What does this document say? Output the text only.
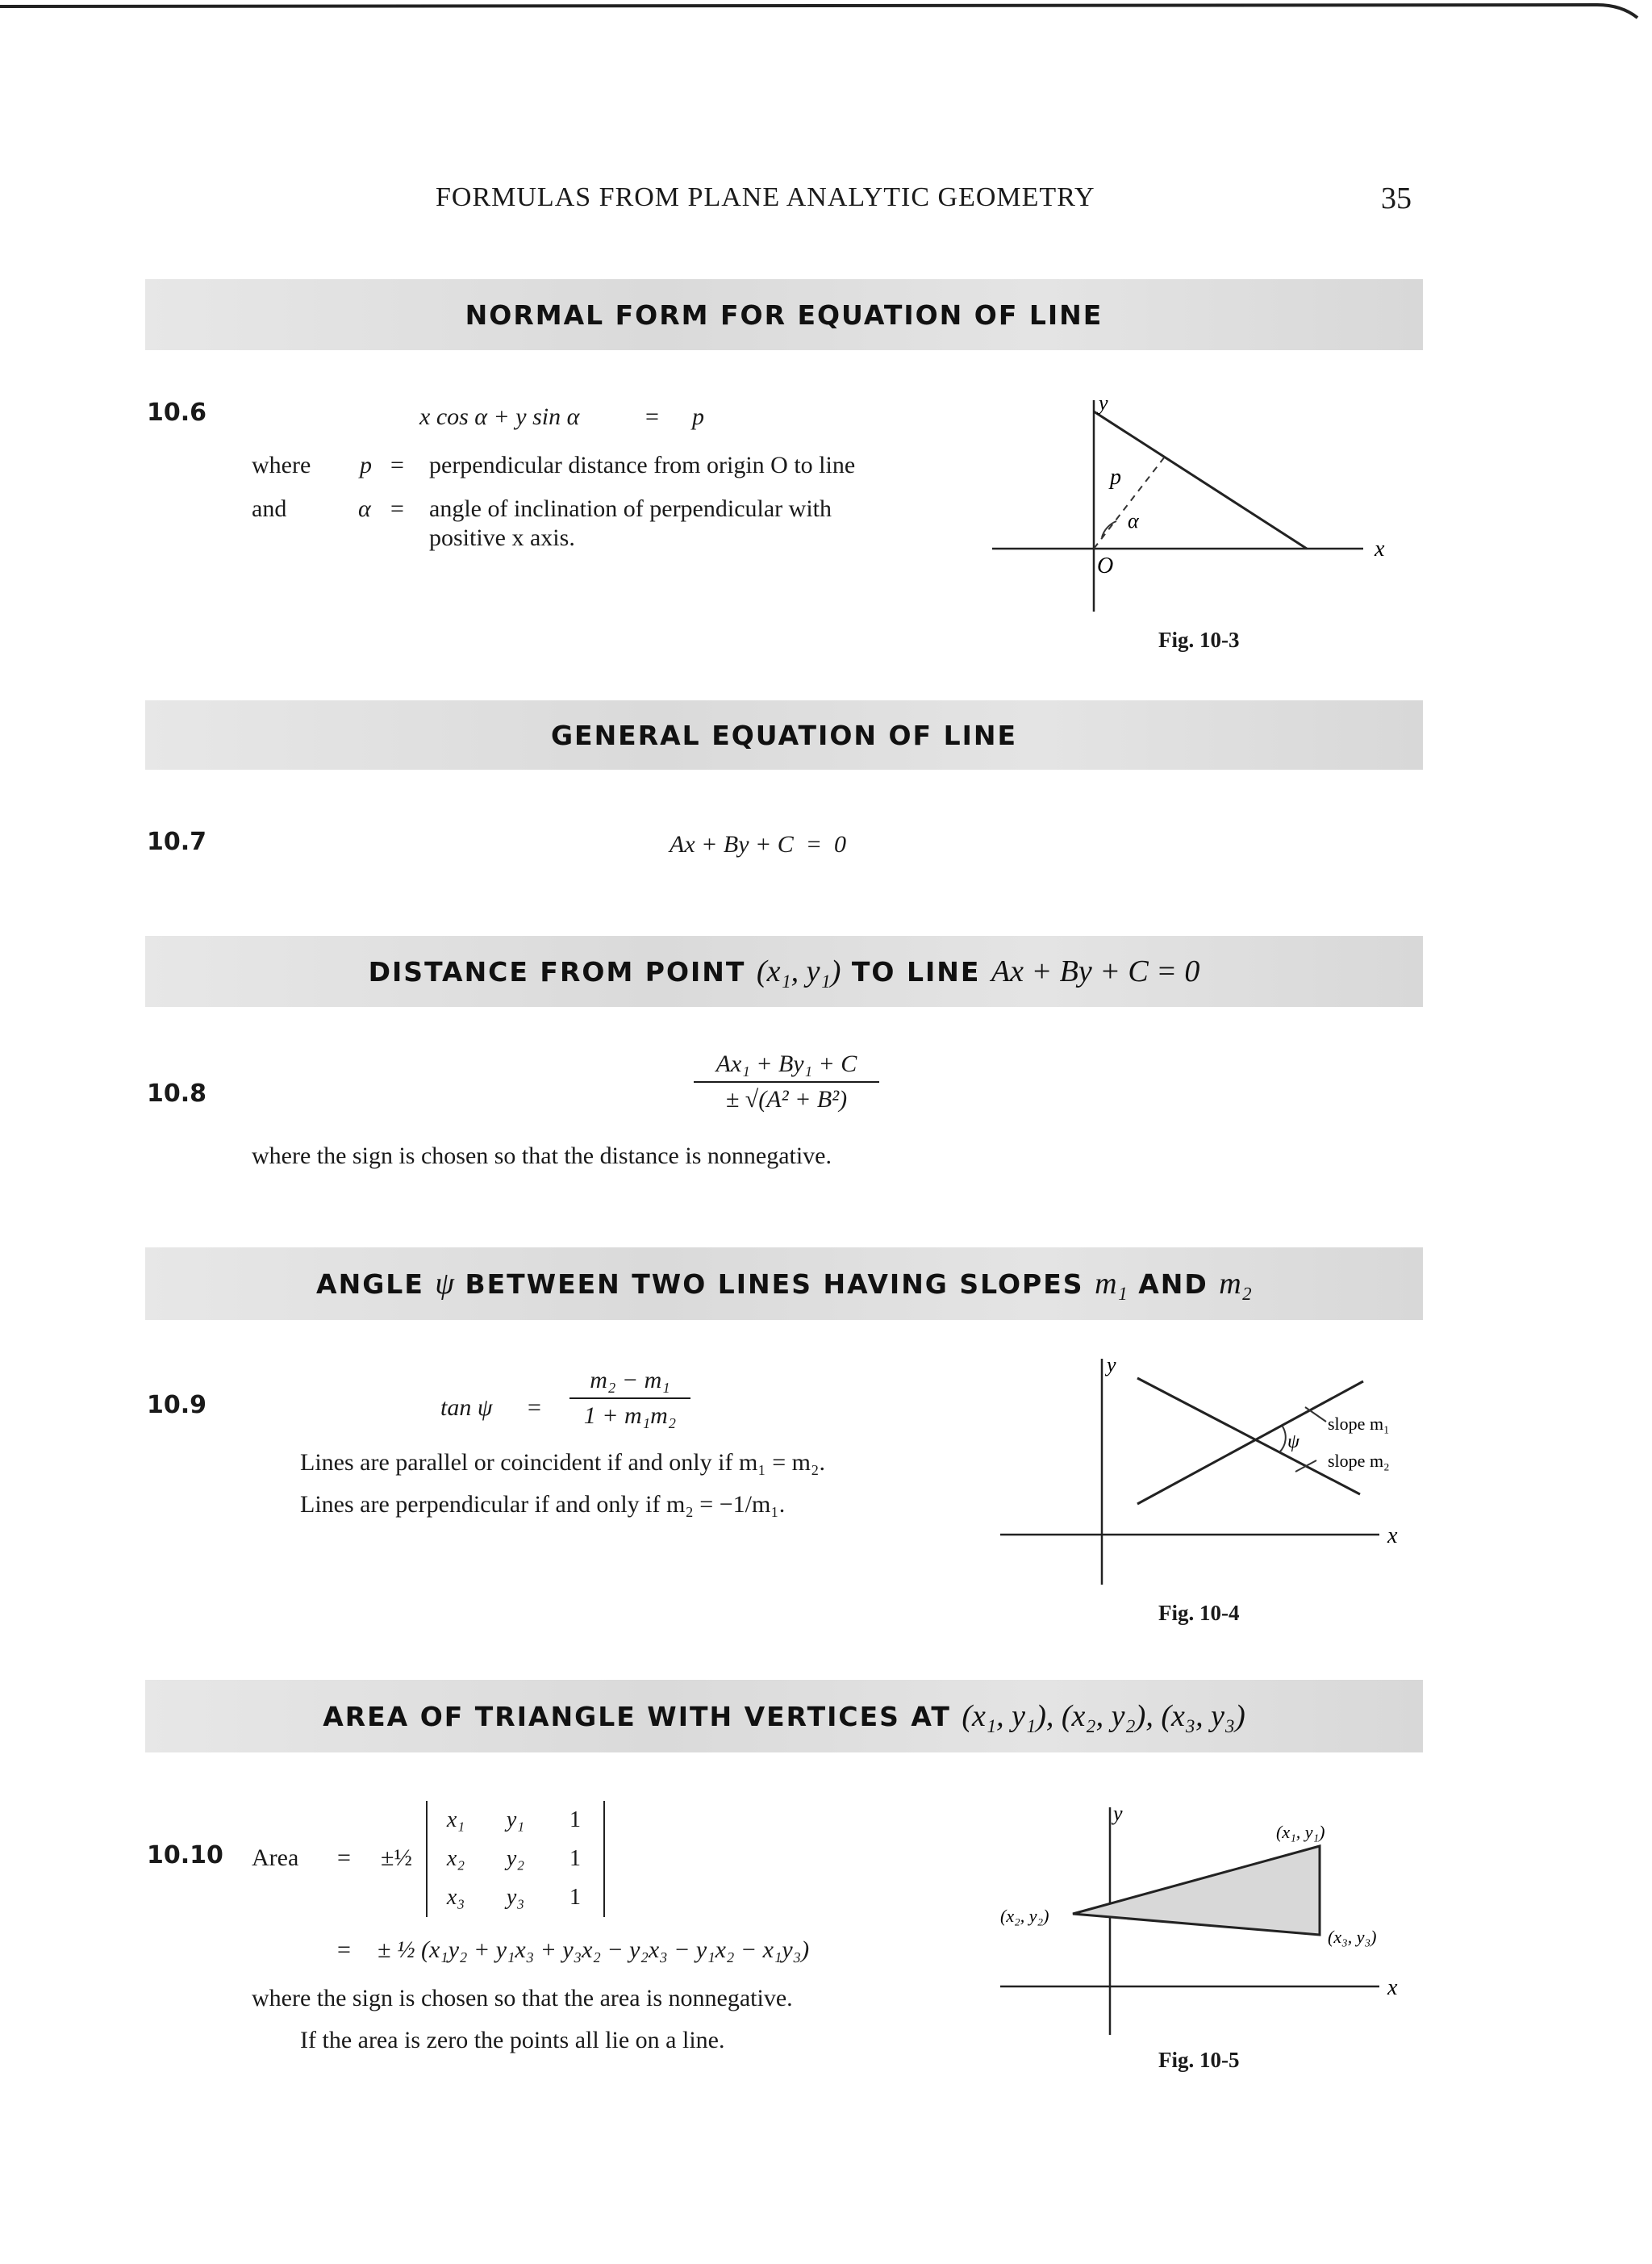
FORMULAS FROM PLANE ANALYTIC GEOMETRY	35
NORMAL FORM FOR EQUATION OF LINE
10.6	x cos α + y sin α	= p
where p = perpendicular distance from origin O to line
and	α = angle of inclination of perpendicular with
positive x axis.
y
x
p
α
O
Fig. 10-3
GENERAL EQUATION OF LINE
10.7	Ax + By + C  =  0
DISTANCE FROM POINT (x₁, y₁) TO LINE Ax + By + C = 0
10.8
Ax₁ + By₁ + C
± √(A² + B²)
where the sign is chosen so that the distance is nonnegative.
ANGLE ψ BETWEEN TWO LINES HAVING SLOPES m₁ AND m₂
10.9	tan ψ =
m₂ − m₁
1 + m₁m₂
Lines are parallel or coincident if and only if m₁ = m₂.
Lines are perpendicular if and only if m₂ = −1/m₁.
y
x
ψ
slope m₁
slope m₂
Fig. 10-4
AREA OF TRIANGLE WITH VERTICES AT (x₁, y₁), (x₂, y₂), (x₃, y₃)
10.10 Area = ±½
x₁	y₁	1
x₂	y₂	1
x₃	y₃	1
= ± ½ (x₁y₂ + y₁x₃ + y₃x₂ − y₂x₃ − y₁x₂ − x₁y₃)
where the sign is chosen so that the area is nonnegative.
If the area is zero the points all lie on a line.
y
x
(x₁, y₁)
(x₂, y₂)
(x₃, y₃)
Fig. 10-5
